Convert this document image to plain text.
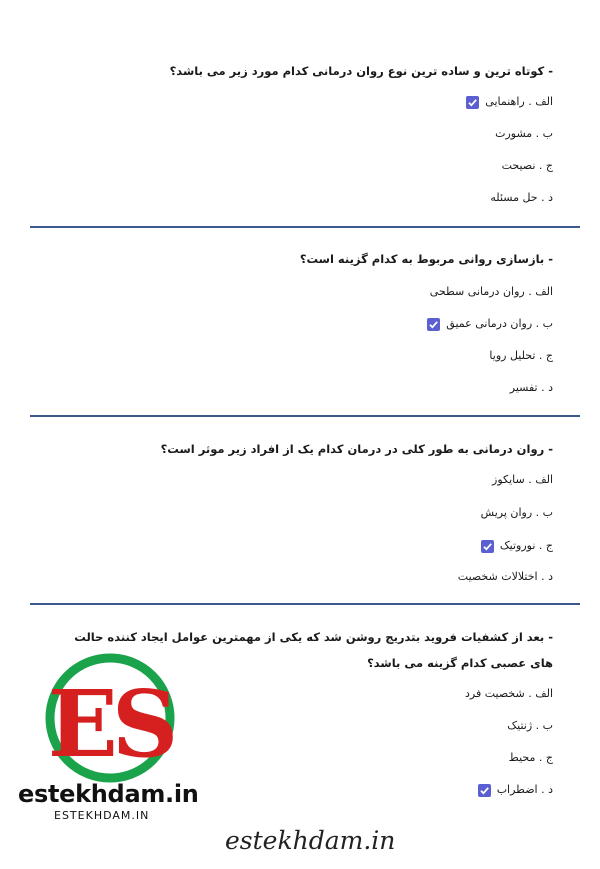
- کوتاه ترین و ساده ترین نوع روان درمانی کدام مورد زیر می باشد؟
الف . راهنمایی
ب . مشورت
ج . نصیحت
د . حل مسئله
- بازسازی روانی مربوط به کدام گزینه است؟
الف . روان درمانی سطحی
ب . روان درمانی عمیق
ج . تحلیل رویا
د . تفسیر
- روان درمانی به طور کلی در درمان کدام یک از افراد زیر موثر است؟
الف . سایکوز
ب . روان پریش
ج . نوروتیک
د . اختلالات شخصیت
- بعد از کشفیات فروید بتدریج روشن شد که یکی از مهمترین عوامل ایجاد کننده حالت های عصبی کدام گزینه می باشد؟
الف . شخصیت فرد
ب . ژنتیک
ج . محیط
د . اضطراب
ES
estekhdam.in
ESTEKHDAM.IN
estekhdam.in
